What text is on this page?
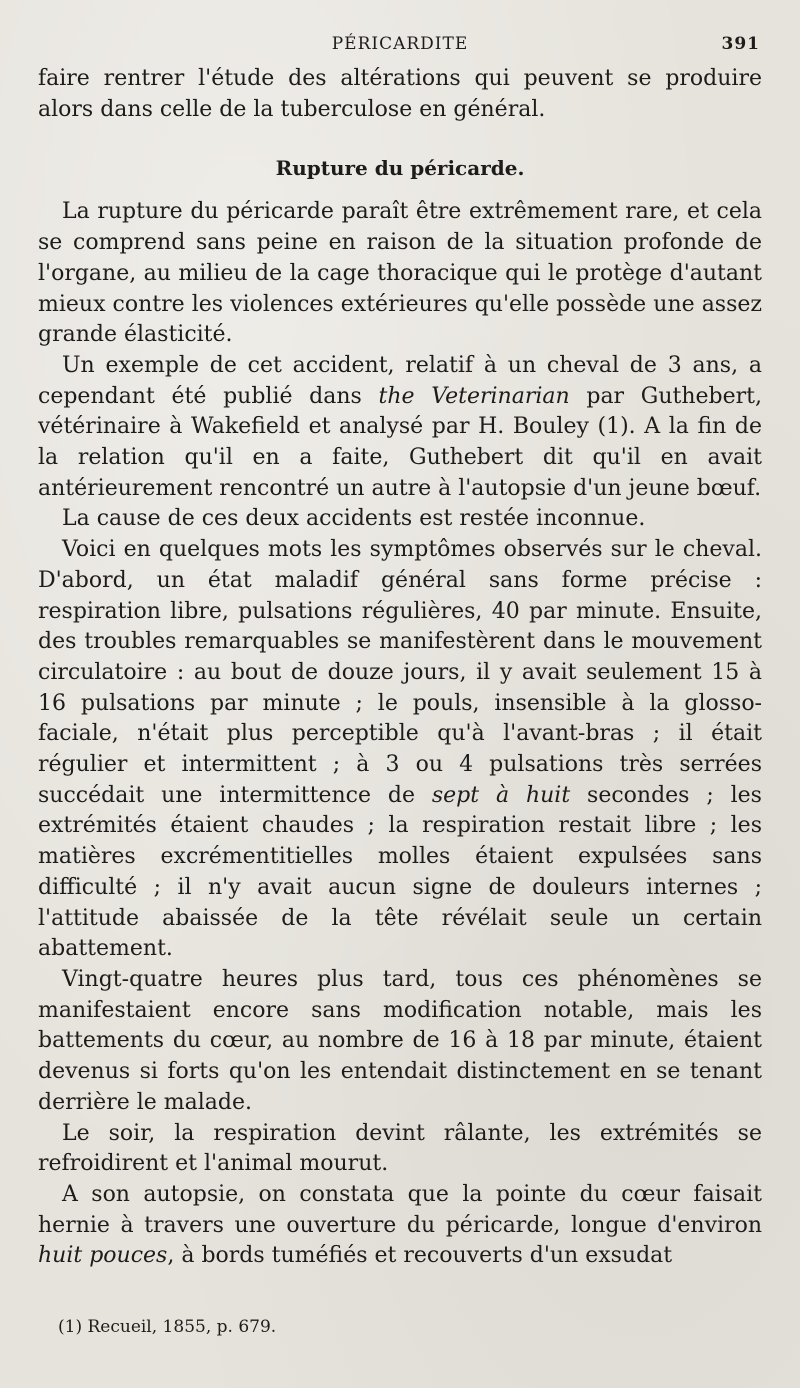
PÉRICARDITE	391

faire rentrer l'étude des altérations qui peuvent se produire alors dans celle de la tuberculose en général.

Rupture du péricarde.

La rupture du péricarde paraît être extrêmement rare, et cela se comprend sans peine en raison de la situation profonde de l'organe, au milieu de la cage thoracique qui le protège d'autant mieux contre les violences extérieures qu'elle possède une assez grande élasticité.

Un exemple de cet accident, relatif à un cheval de 3 ans, a cependant été publié dans the Veterinarian par Guthebert, vétérinaire à Wakefield et analysé par H. Bouley (1). A la fin de la relation qu'il en a faite, Guthebert dit qu'il en avait antérieurement rencontré un autre à l'autopsie d'un jeune bœuf.

La cause de ces deux accidents est restée inconnue.

Voici en quelques mots les symptômes observés sur le cheval. D'abord, un état maladif général sans forme précise : respiration libre, pulsations régulières, 40 par minute. Ensuite, des troubles remarquables se manifestèrent dans le mouvement circulatoire : au bout de douze jours, il y avait seulement 15 à 16 pulsations par minute ; le pouls, insensible à la glosso-faciale, n'était plus perceptible qu'à l'avant-bras ; il était régulier et intermittent ; à 3 ou 4 pulsations très serrées succédait une intermittence de sept à huit secondes ; les extrémités étaient chaudes ; la respiration restait libre ; les matières excrémentitielles molles étaient expulsées sans difficulté ; il n'y avait aucun signe de douleurs internes ; l'attitude abaissée de la tête révélait seule un certain abattement.

Vingt-quatre heures plus tard, tous ces phénomènes se manifestaient encore sans modification notable, mais les battements du cœur, au nombre de 16 à 18 par minute, étaient devenus si forts qu'on les entendait distinctement en se tenant derrière le malade.

Le soir, la respiration devint râlante, les extrémités se refroidirent et l'animal mourut.

A son autopsie, on constata que la pointe du cœur faisait hernie à travers une ouverture du péricarde, longue d'environ huit pouces, à bords tuméfiés et recouverts d'un exsudat

(1) Recueil, 1855, p. 679.
